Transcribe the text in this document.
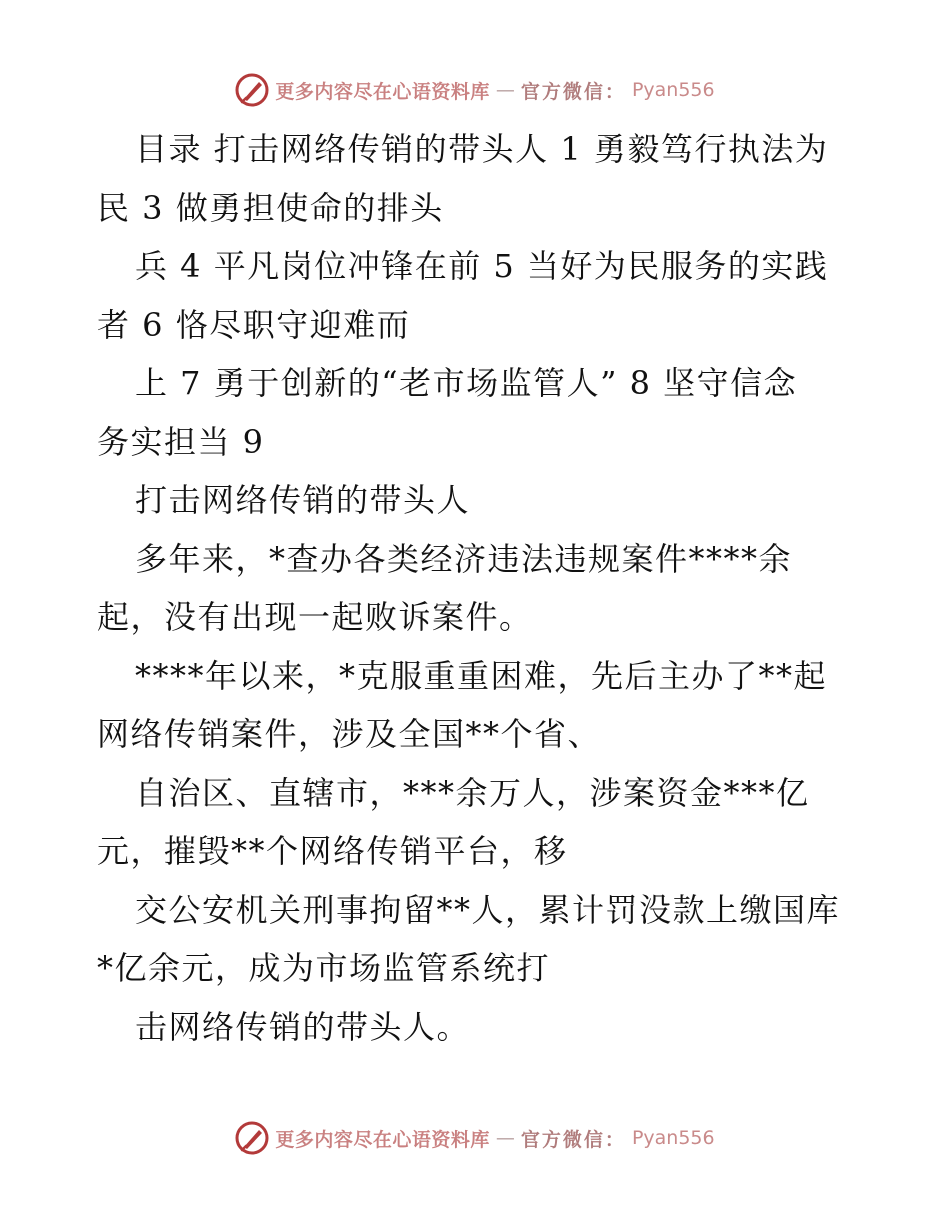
更多内容尽在心语资料库 — 官方微信： Pyan556
目录 打击网络传销的带头人 1 勇毅笃行执法为
民 3 做勇担使命的排头
兵 4 平凡岗位冲锋在前 5 当好为民服务的实践
者 6 恪尽职守迎难而
上 7 勇于创新的“老市场监管人” 8 坚守信念
务实担当 9
打击网络传销的带头人
多年来，*查办各类经济违法违规案件****余
起，没有出现一起败诉案件。
****年以来，*克服重重困难，先后主办了**起
网络传销案件，涉及全国**个省、
自治区、直辖市，***余万人，涉案资金***亿
元，摧毁**个网络传销平台，移
交公安机关刑事拘留**人，累计罚没款上缴国库
*亿余元，成为市场监管系统打
击网络传销的带头人。
更多内容尽在心语资料库 — 官方微信： Pyan556
